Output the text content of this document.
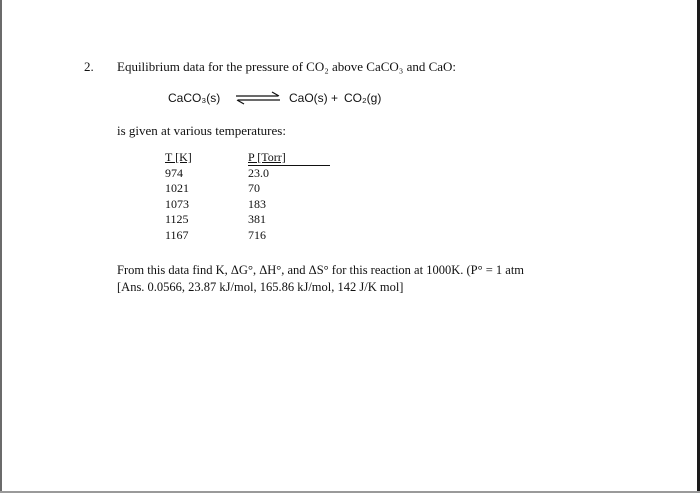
2. Equilibrium data for the pressure of CO₂ above CaCO₃ and CaO:
CaCO₃(s) ⇌ CaO(s) + CO₂(g)
is given at various temperatures:
T [K]
974
1021
1073
1125
1167
P [Torr]
23.0
70
183
381
716
From this data find K, ΔG°, ΔH°, and ΔS° for this reaction at 1000K. (P° = 1 atm
[Ans. 0.0566, 23.87 kJ/mol, 165.86 kJ/mol, 142 J/K mol]
